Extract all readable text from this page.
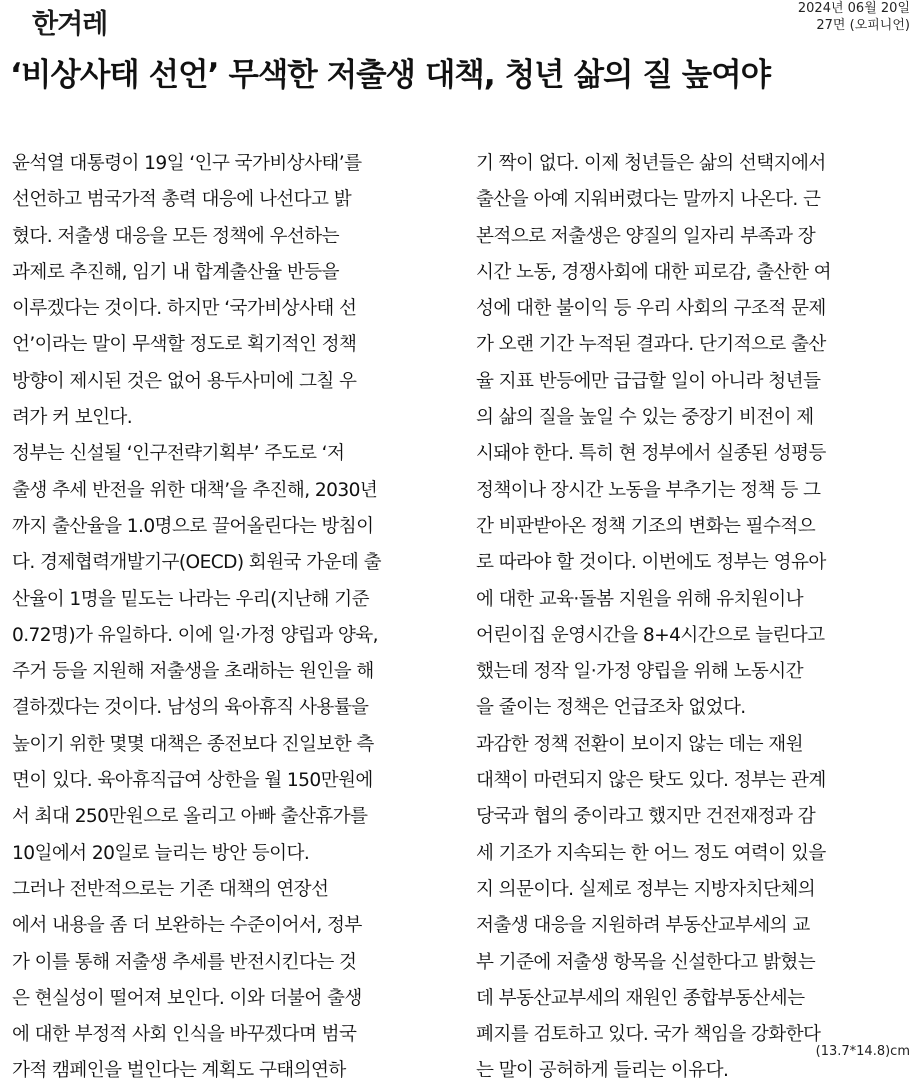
한겨레
2024년 06월 20일
27면 (오피니언)
‘비상사태 선언’ 무색한 저출생 대책, 청년 삶의 질 높여야
윤석열 대통령이 19일 ‘인구 국가비상사태’를
선언하고 범국가적 총력 대응에 나선다고 밝
혔다. 저출생 대응을 모든 정책에 우선하는
과제로 추진해, 임기 내 합계출산율 반등을
이루겠다는 것이다. 하지만 ‘국가비상사태 선
언’이라는 말이 무색할 정도로 획기적인 정책
방향이 제시된 것은 없어 용두사미에 그칠 우
려가 커 보인다.
정부는 신설될 ‘인구전략기획부’ 주도로 ‘저
출생 추세 반전을 위한 대책’을 추진해, 2030년
까지 출산율을 1.0명으로 끌어올린다는 방침이
다. 경제협력개발기구(OECD) 회원국 가운데 출
산율이 1명을 밑도는 나라는 우리(지난해 기준
0.72명)가 유일하다. 이에 일·가정 양립과 양육,
주거 등을 지원해 저출생을 초래하는 원인을 해
결하겠다는 것이다. 남성의 육아휴직 사용률을
높이기 위한 몇몇 대책은 종전보다 진일보한 측
면이 있다. 육아휴직급여 상한을 월 150만원에
서 최대 250만원으로 올리고 아빠 출산휴가를
10일에서 20일로 늘리는 방안 등이다.
그러나 전반적으로는 기존 대책의 연장선
에서 내용을 좀 더 보완하는 수준이어서, 정부
가 이를 통해 저출생 추세를 반전시킨다는 것
은 현실성이 떨어져 보인다. 이와 더불어 출생
에 대한 부정적 사회 인식을 바꾸겠다며 범국
가적 캠페인을 벌인다는 계획도 구태의연하
기 짝이 없다. 이제 청년들은 삶의 선택지에서
출산을 아예 지워버렸다는 말까지 나온다. 근
본적으로 저출생은 양질의 일자리 부족과 장
시간 노동, 경쟁사회에 대한 피로감, 출산한 여
성에 대한 불이익 등 우리 사회의 구조적 문제
가 오랜 기간 누적된 결과다. 단기적으로 출산
율 지표 반등에만 급급할 일이 아니라 청년들
의 삶의 질을 높일 수 있는 중장기 비전이 제
시돼야 한다. 특히 현 정부에서 실종된 성평등
정책이나 장시간 노동을 부추기는 정책 등 그
간 비판받아온 정책 기조의 변화는 필수적으
로 따라야 할 것이다. 이번에도 정부는 영유아
에 대한 교육·돌봄 지원을 위해 유치원이나
어린이집 운영시간을 8+4시간으로 늘린다고
했는데 정작 일·가정 양립을 위해 노동시간
을 줄이는 정책은 언급조차 없었다.
과감한 정책 전환이 보이지 않는 데는 재원
대책이 마련되지 않은 탓도 있다. 정부는 관계
당국과 협의 중이라고 했지만 건전재정과 감
세 기조가 지속되는 한 어느 정도 여력이 있을
지 의문이다. 실제로 정부는 지방자치단체의
저출생 대응을 지원하려 부동산교부세의 교
부 기준에 저출생 항목을 신설한다고 밝혔는
데 부동산교부세의 재원인 종합부동산세는
폐지를 검토하고 있다. 국가 책임을 강화한다
는 말이 공허하게 들리는 이유다.
(13.7*14.8)cm
